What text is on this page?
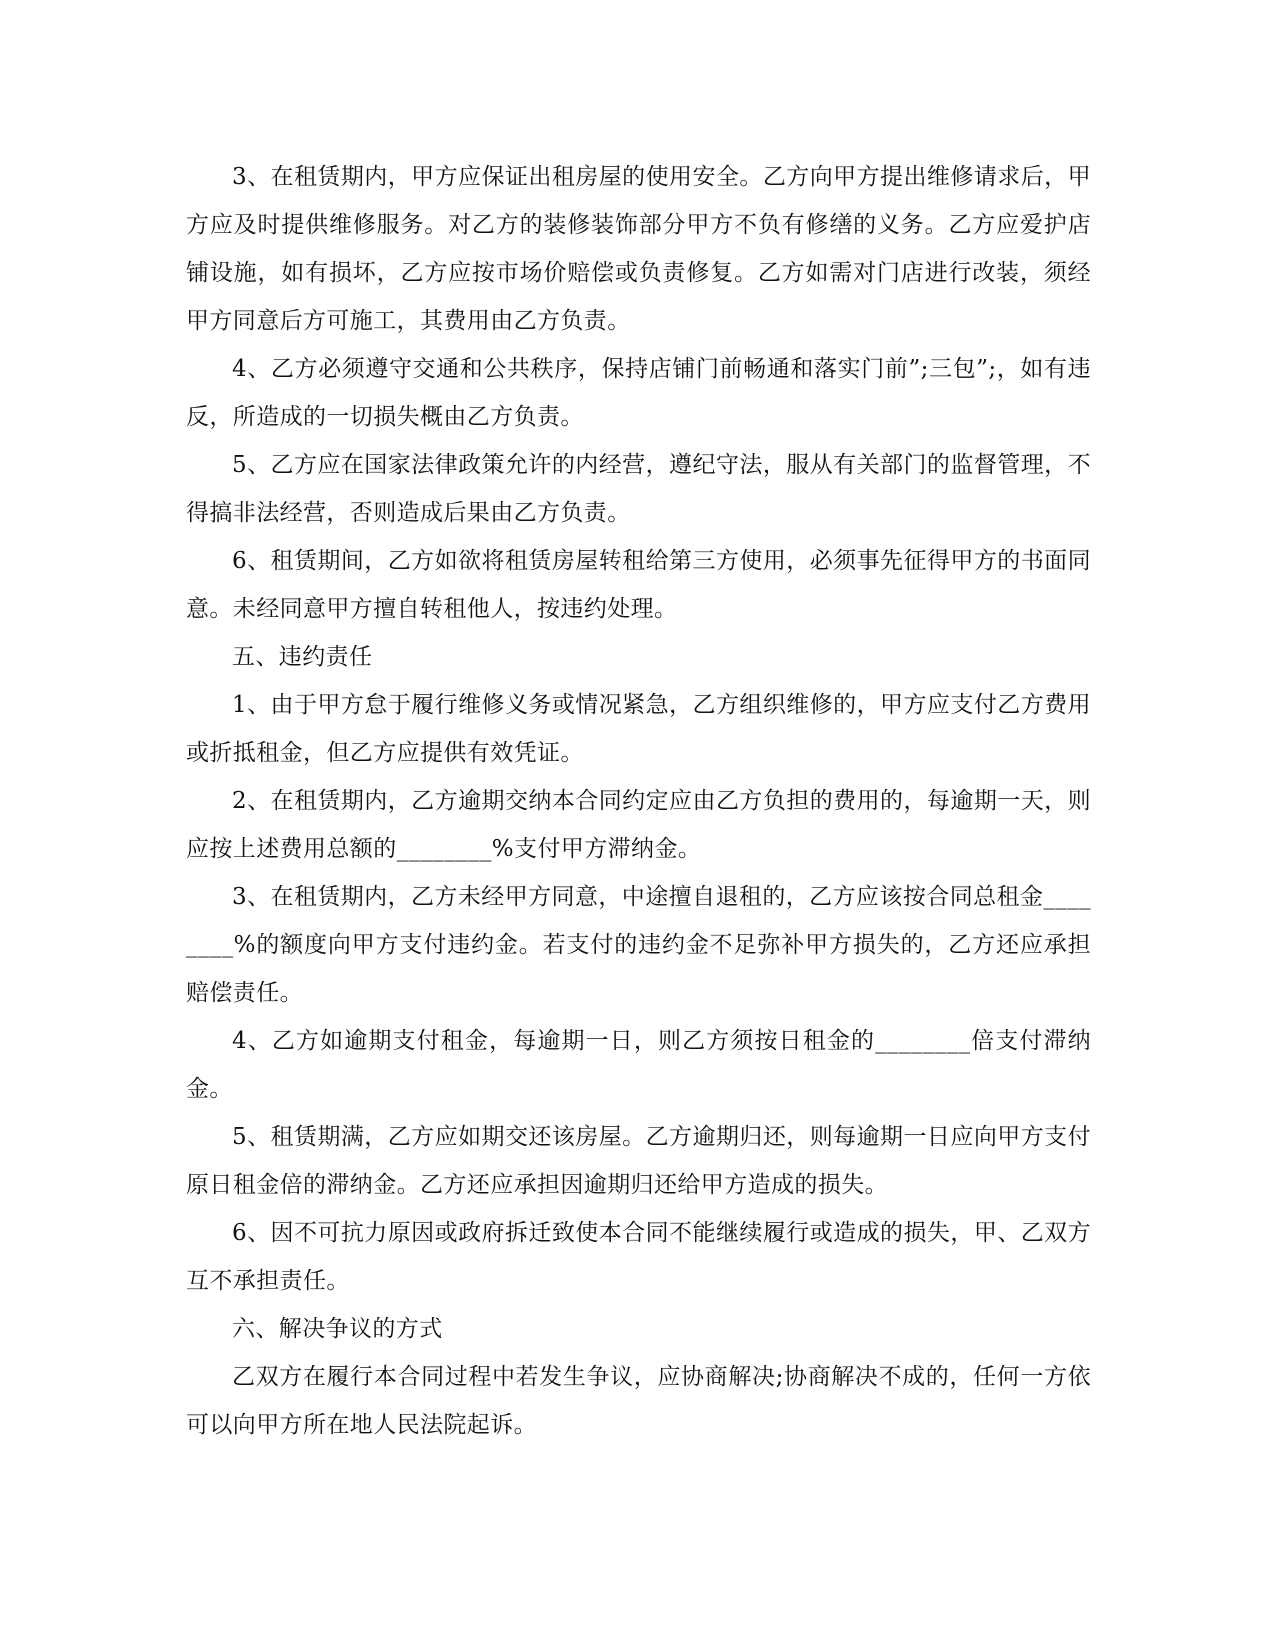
3、在租赁期内，甲方应保证出租房屋的使用安全。乙方向甲方提出维修请求后，甲方应及时提供维修服务。对乙方的装修装饰部分甲方不负有修缮的义务。乙方应爱护店铺设施，如有损坏，乙方应按市场价赔偿或负责修复。乙方如需对门店进行改装，须经甲方同意后方可施工，其费用由乙方负责。

4、乙方必须遵守交通和公共秩序，保持店铺门前畅通和落实门前”;三包”;，如有违反，所造成的一切损失概由乙方负责。

5、乙方应在国家法律政策允许的内经营，遵纪守法，服从有关部门的监督管理，不得搞非法经营，否则造成后果由乙方负责。

6、租赁期间，乙方如欲将租赁房屋转租给第三方使用，必须事先征得甲方的书面同意。未经同意甲方擅自转租他人，按违约处理。

五、违约责任

1、由于甲方怠于履行维修义务或情况紧急，乙方组织维修的，甲方应支付乙方费用或折抵租金，但乙方应提供有效凭证。

2、在租赁期内，乙方逾期交纳本合同约定应由乙方负担的费用的，每逾期一天，则应按上述费用总额的________%支付甲方滞纳金。

3、在租赁期内，乙方未经甲方同意，中途擅自退租的，乙方应该按合同总租金________%的额度向甲方支付违约金。若支付的违约金不足弥补甲方损失的，乙方还应承担赔偿责任。

4、乙方如逾期支付租金，每逾期一日，则乙方须按日租金的________倍支付滞纳金。

5、租赁期满，乙方应如期交还该房屋。乙方逾期归还，则每逾期一日应向甲方支付原日租金倍的滞纳金。乙方还应承担因逾期归还给甲方造成的损失。

6、因不可抗力原因或政府拆迁致使本合同不能继续履行或造成的损失，甲、乙双方互不承担责任。

六、解决争议的方式

乙双方在履行本合同过程中若发生争议，应协商解决;协商解决不成的，任何一方依可以向甲方所在地人民法院起诉。
